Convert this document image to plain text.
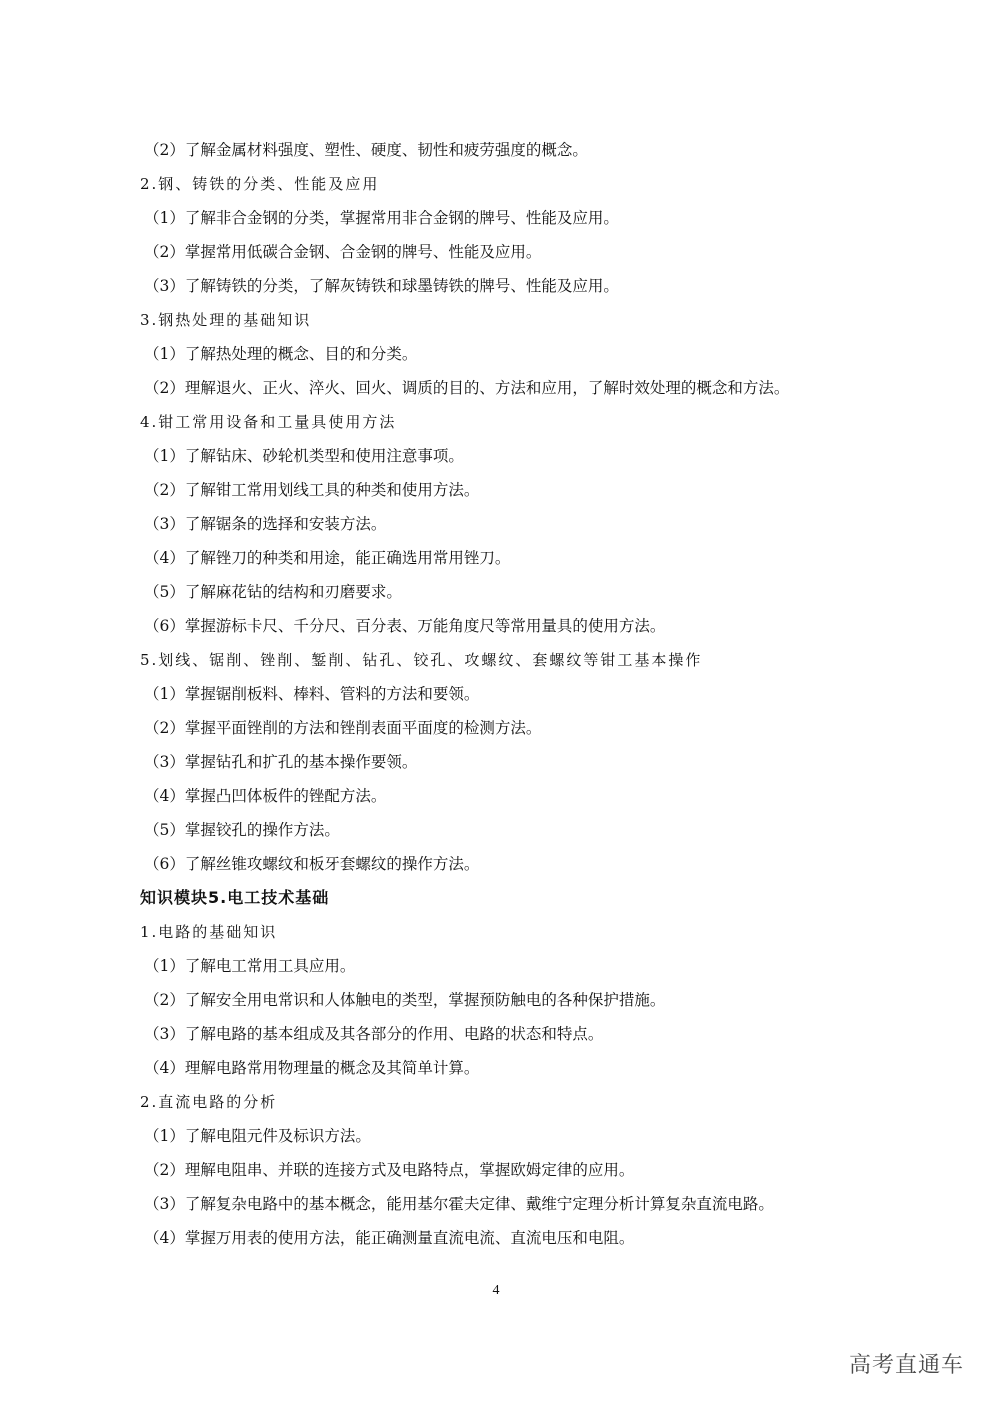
（2）了解金属材料强度、塑性、硬度、韧性和疲劳强度的概念。
2.钢、铸铁的分类、性能及应用
（1）了解非合金钢的分类，掌握常用非合金钢的牌号、性能及应用。
（2）掌握常用低碳合金钢、合金钢的牌号、性能及应用。
（3）了解铸铁的分类，了解灰铸铁和球墨铸铁的牌号、性能及应用。
3.钢热处理的基础知识
（1）了解热处理的概念、目的和分类。
（2）理解退火、正火、淬火、回火、调质的目的、方法和应用，了解时效处理的概念和方法。
4.钳工常用设备和工量具使用方法
（1）了解钻床、砂轮机类型和使用注意事项。
（2）了解钳工常用划线工具的种类和使用方法。
（3）了解锯条的选择和安装方法。
（4）了解锉刀的种类和用途，能正确选用常用锉刀。
（5）了解麻花钻的结构和刃磨要求。
（6）掌握游标卡尺、千分尺、百分表、万能角度尺等常用量具的使用方法。
5.划线、锯削、锉削、錾削、钻孔、铰孔、攻螺纹、套螺纹等钳工基本操作
（1）掌握锯削板料、棒料、管料的方法和要领。
（2）掌握平面锉削的方法和锉削表面平面度的检测方法。
（3）掌握钻孔和扩孔的基本操作要领。
（4）掌握凸凹体板件的锉配方法。
（5）掌握铰孔的操作方法。
（6）了解丝锥攻螺纹和板牙套螺纹的操作方法。
知识模块5.电工技术基础
1.电路的基础知识
（1）了解电工常用工具应用。
（2）了解安全用电常识和人体触电的类型，掌握预防触电的各种保护措施。
（3）了解电路的基本组成及其各部分的作用、电路的状态和特点。
（4）理解电路常用物理量的概念及其简单计算。
2.直流电路的分析
（1）了解电阻元件及标识方法。
（2）理解电阻串、并联的连接方式及电路特点，掌握欧姆定律的应用。
（3）了解复杂电路中的基本概念，能用基尔霍夫定律、戴维宁定理分析计算复杂直流电路。
（4）掌握万用表的使用方法，能正确测量直流电流、直流电压和电阻。
4
高考直通车
